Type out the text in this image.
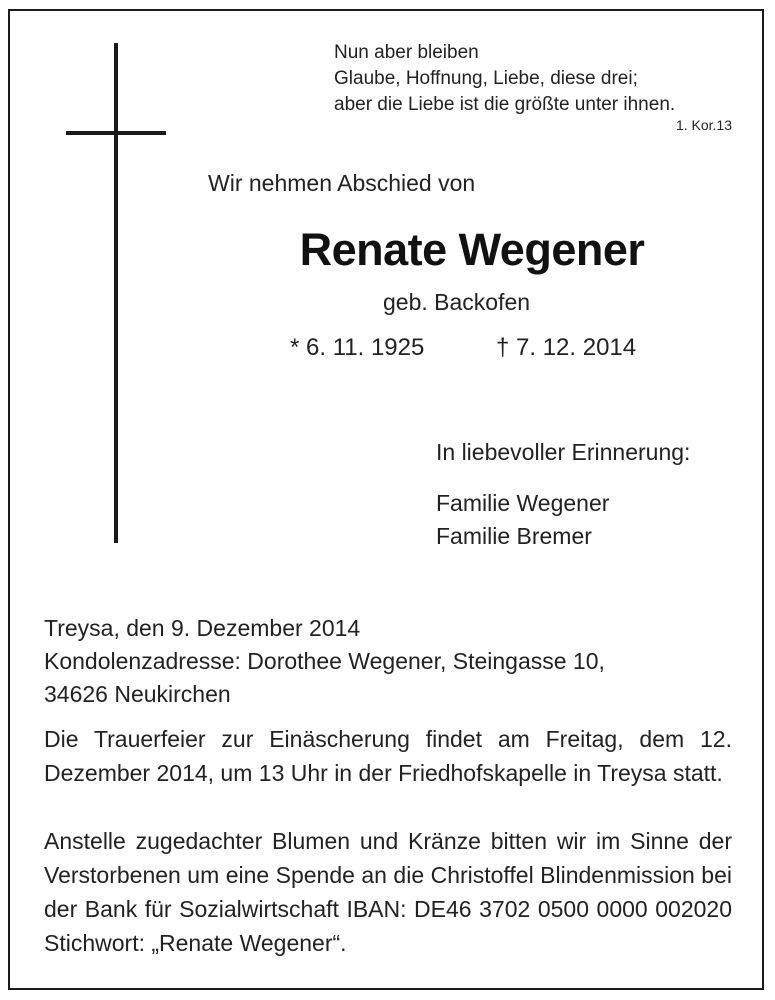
Nun aber bleiben
Glaube, Hoffnung, Liebe, diese drei;
aber die Liebe ist die größte unter ihnen.
1. Kor.13
Wir nehmen Abschied von
Renate Wegener
geb. Backofen
* 6. 11. 1925	† 7. 12. 2014
In liebevoller Erinnerung:
Familie Wegener
Familie Bremer
Treysa, den 9. Dezember 2014
Kondolenzadresse: Dorothee Wegener, Steingasse 10,
34626 Neukirchen
Die Trauerfeier zur Einäscherung findet am Freitag, dem 12. Dezember 2014, um 13 Uhr in der Friedhofskapelle in Treysa statt.
Anstelle zugedachter Blumen und Kränze bitten wir im Sinne der Verstorbenen um eine Spende an die Christoffel Blindenmission bei der Bank für Sozialwirtschaft IBAN: DE46 3702 0500 0000 002020 Stichwort: „Renate Wegener“.
